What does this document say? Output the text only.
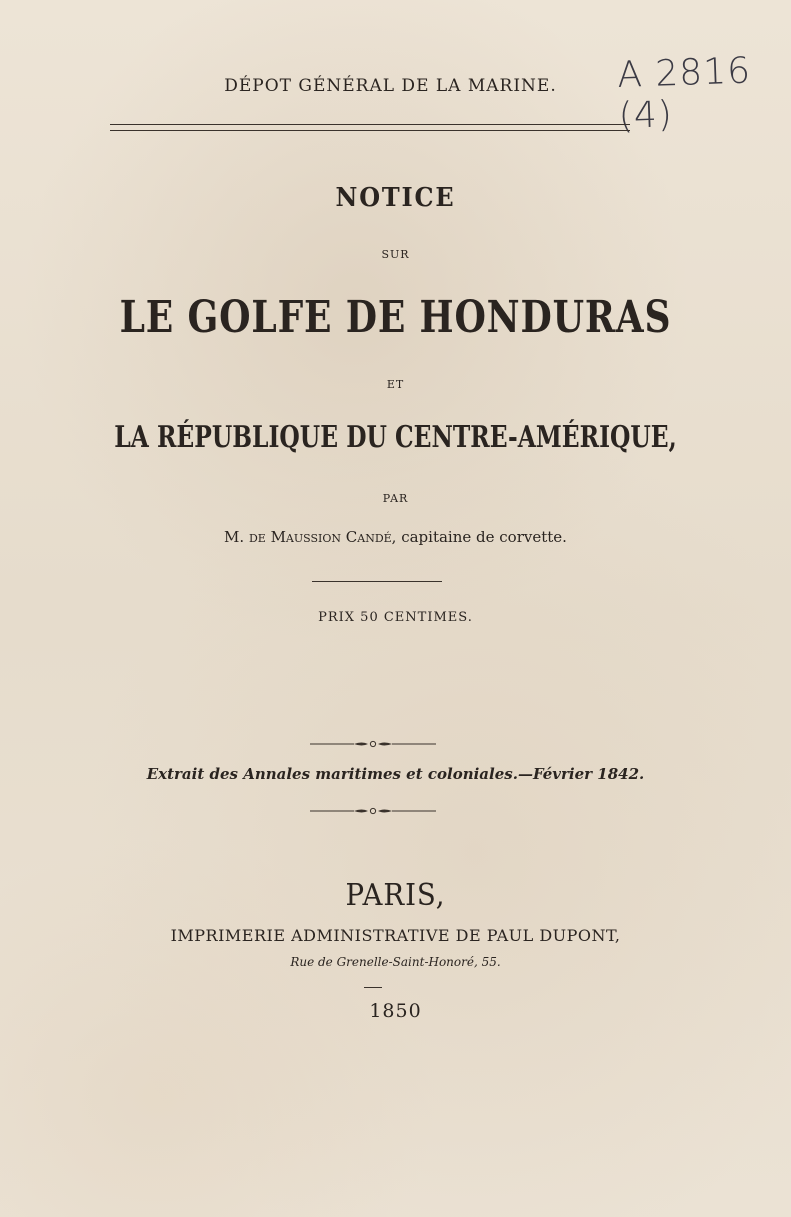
DÉPOT GÉNÉRAL DE LA MARINE.	A 2816 (4)
NOTICE
SUR
LE GOLFE DE HONDURAS
ET
LA RÉPUBLIQUE DU CENTRE-AMÉRIQUE,
PAR
M. de Maussion Candé, capitaine de corvette.
PRIX 50 CENTIMES.
Extrait des Annales maritimes et coloniales.—Février 1842.
PARIS,
IMPRIMERIE ADMINISTRATIVE DE PAUL DUPONT,
Rue de Grenelle-Saint-Honoré, 55.
1850
